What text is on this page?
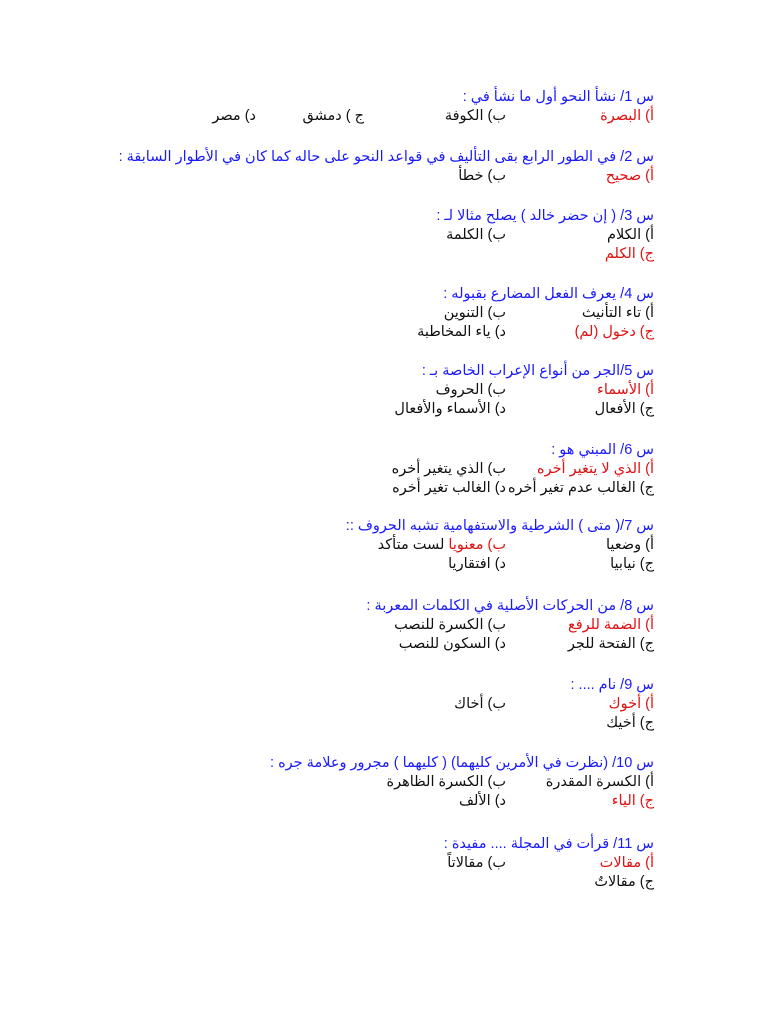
س 1/ نشأ النحو أول ما نشأ في :
أ) البصرة
ب) الكوفة
ج ) دمشق
د) مصر
س 2/ في الطور الرابع بقى التأليف في قواعد النحو على حاله كما كان في الأطوار السابقة :
أ) صحيح
ب) خطأ
س 3/ ( إن حضر خالد ) يصلح مثالا لـ :
أ) الكلام
ب) الكلمة
ج) الكلم
س 4/ يعرف الفعل المضارع بقبوله :
أ) تاء التأنيث
ب) التنوين
ج) دخول (لم)
د) ياء المخاطبة
س 5/الجر من أنواع الإعراب الخاصة بـ :
أ) الأسماء
ب) الحروف
ج) الأفعال
د) الأسماء والأفعال
س 6/ المبني هو :
أ) الذي لا يتغير أخره
ب) الذي يتغير أخره
ج) الغالب عدم تغير أخره
د) الغالب تغير أخره
س 7/( متى ) الشرطية والاستفهامية تشبه الحروف ::
أ) وضعيا
ب) معنويا لست متأكد
ج) نيابيا
د) افتقاريا
س 8/ من الحركات الأصلية في الكلمات المعربة :
أ) الضمة للرفع
ب) الكسرة للنصب
ج) الفتحة للجر
د) السكون للنصب
س 9/ نام .... :
أ) أخوك
ب) أخاك
ج) أخيك
س 10/ (نظرت في الأمرين كليهما) ( كليهما ) مجرور وعلامة جره :
أ) الكسرة المقدرة
ب) الكسرة الظاهرة
ج) الياء
د) الألف
س 11/ قرأت في المجلة .... مفيدة :
أ) مقالات
ب) مقالاتاً
ج) مقالاتٌ
